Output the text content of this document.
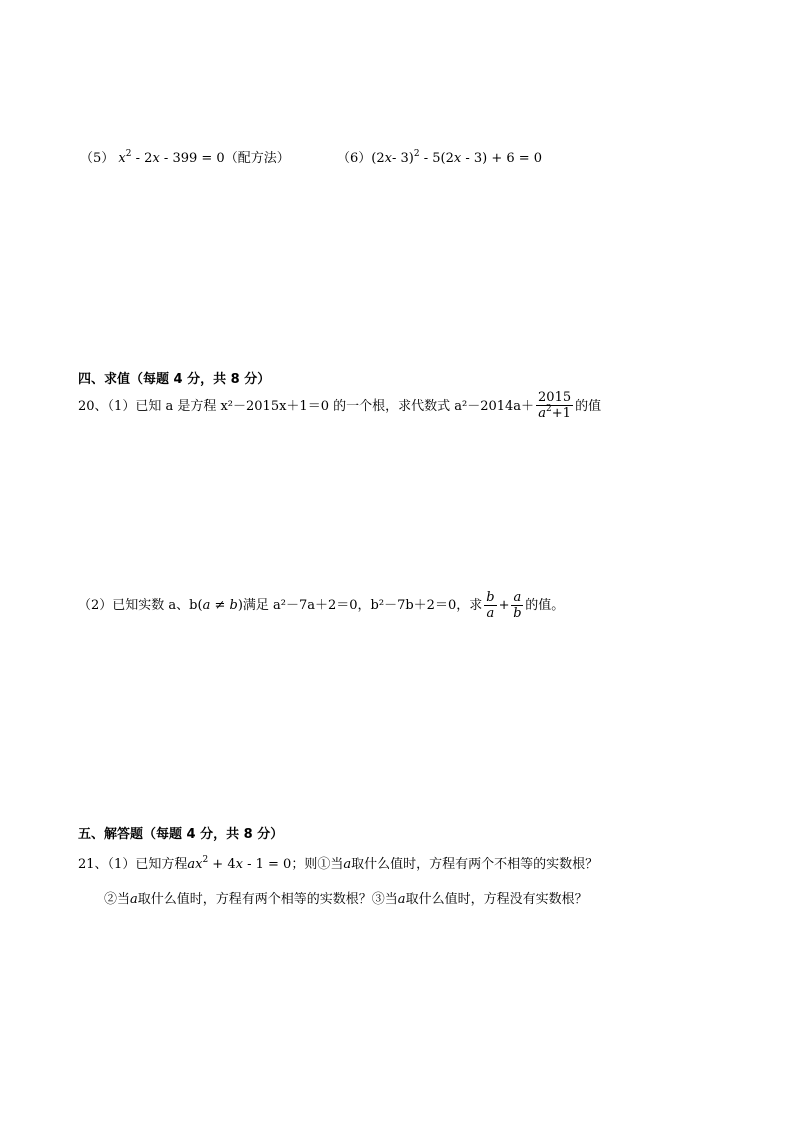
（5） $x^2 - 2x - 399 = 0$（配方法）	（6）(2x- 3)$^2$ - 5(2x - 3) + 6 = 0
四、求值（每题 4 分，共 8 分）
20、（1）已知 a 是方程 x²－2015x＋1＝0 的一个根，求代数式 $a^2-2014a+ \frac{2015}{a^2+1}$ 的值
（2）已知实数 a、b(a ≠ b)满足 a²－7a＋2＝0，b²－7b＋2＝0，求 $\frac{b}{a} + \frac{a}{b}$ 的值。
五、解答题（每题 4 分，共 8 分）
21、（1）已知方程$ax^2 + 4x - 1 = 0$；则①当a取什么值时，方程有两个不相等的实数根？
②当a取什么值时，方程有两个相等的实数根？③当a取什么值时，方程没有实数根？
